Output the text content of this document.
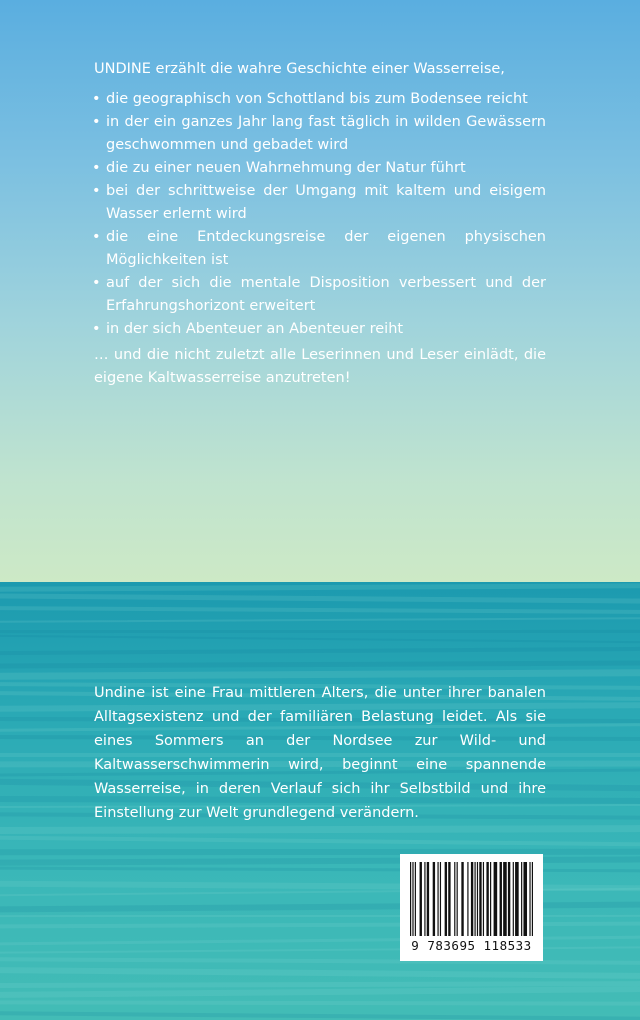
UNDINE erzählt die wahre Geschichte einer Wasserreise,
• die geographisch von Schottland bis zum Bodensee reicht
• in der ein ganzes Jahr lang fast täglich in wilden Gewässern geschwommen und gebadet wird
• die zu einer neuen Wahrnehmung der Natur führt
• bei der schrittweise der Umgang mit kaltem und eisigem Wasser erlernt wird
• die eine Entdeckungsreise der eigenen physischen Möglichkeiten ist
• auf der sich die mentale Disposition verbessert und der Erfahrungshorizont erweitert
• in der sich Abenteuer an Abenteuer reiht
… und die nicht zuletzt alle Leserinnen und Leser einlädt, die eigene Kaltwasserreise anzutreten!
Undine ist eine Frau mittleren Alters, die unter ihrer banalen Alltagsexistenz und der familiären Belastung leidet. Als sie eines Sommers an der Nordsee zur Wild- und Kaltwasserschwimmerin wird, beginnt eine spannende Wasserreise, in deren Verlauf sich ihr Selbstbild und ihre Einstellung zur Welt grundlegend verändern.
9 783695 118533
